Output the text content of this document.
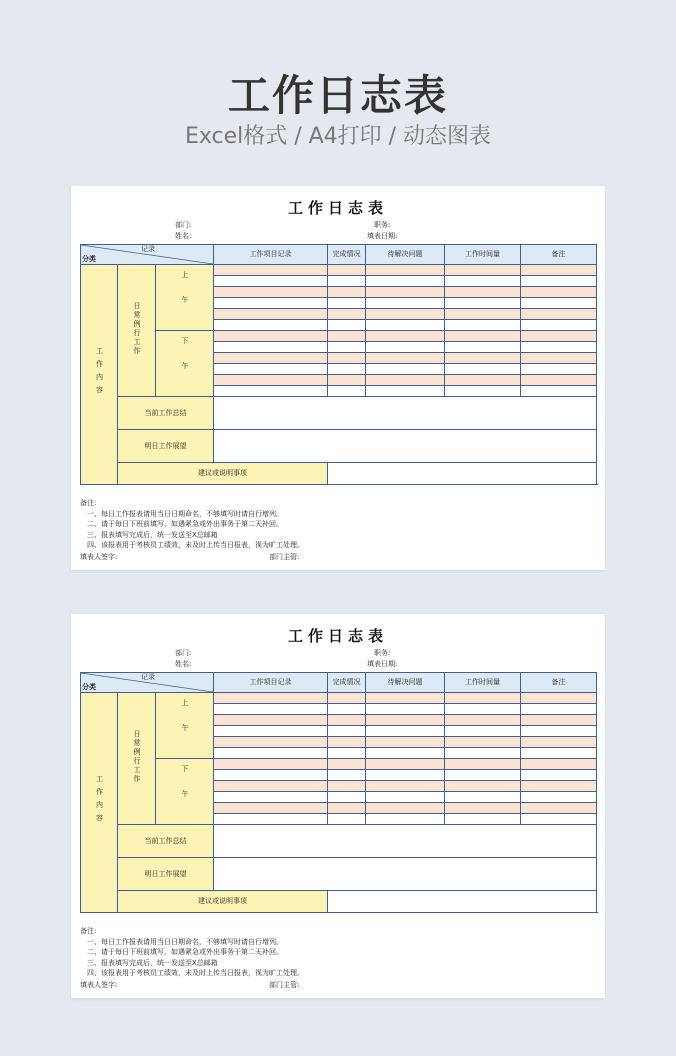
工作日志表
Excel格式 / A4打印 / 动态图表
工作日志表
部门:	职务:
姓名:	填表日期:
记录
分类			工作项目记录	完成情况	待解决问题	工作时间量	备注
工作内容	日常例行工作	上午					

		下午					

	当前工作总结						
	明日工作展望						
	建议或说明事项						
备注:
一、每日工作报表请用当日日期命名，不够填写时请自行增列。
二、请于每日下班前填写，如遇紧急或外出事务于第二天补回。
三、报表填写完成后，统一发送至X总邮箱
四、该报表用于考核员工绩效，未及时上传当日报表，视为旷工处理。
填表人签字:	部门主管:
工作日志表
部门:	职务:
姓名:	填表日期:
记录
分类			工作项目记录	完成情况	待解决问题	工作时间量	备注
工作内容	日常例行工作	上午					

		下午					

	当前工作总结						
	明日工作展望						
	建议或说明事项						
备注:
一、每日工作报表请用当日日期命名，不够填写时请自行增列。
二、请于每日下班前填写，如遇紧急或外出事务于第二天补回。
三、报表填写完成后，统一发送至X总邮箱
四、该报表用于考核员工绩效，未及时上传当日报表，视为旷工处理。
填表人签字:	部门主管:
